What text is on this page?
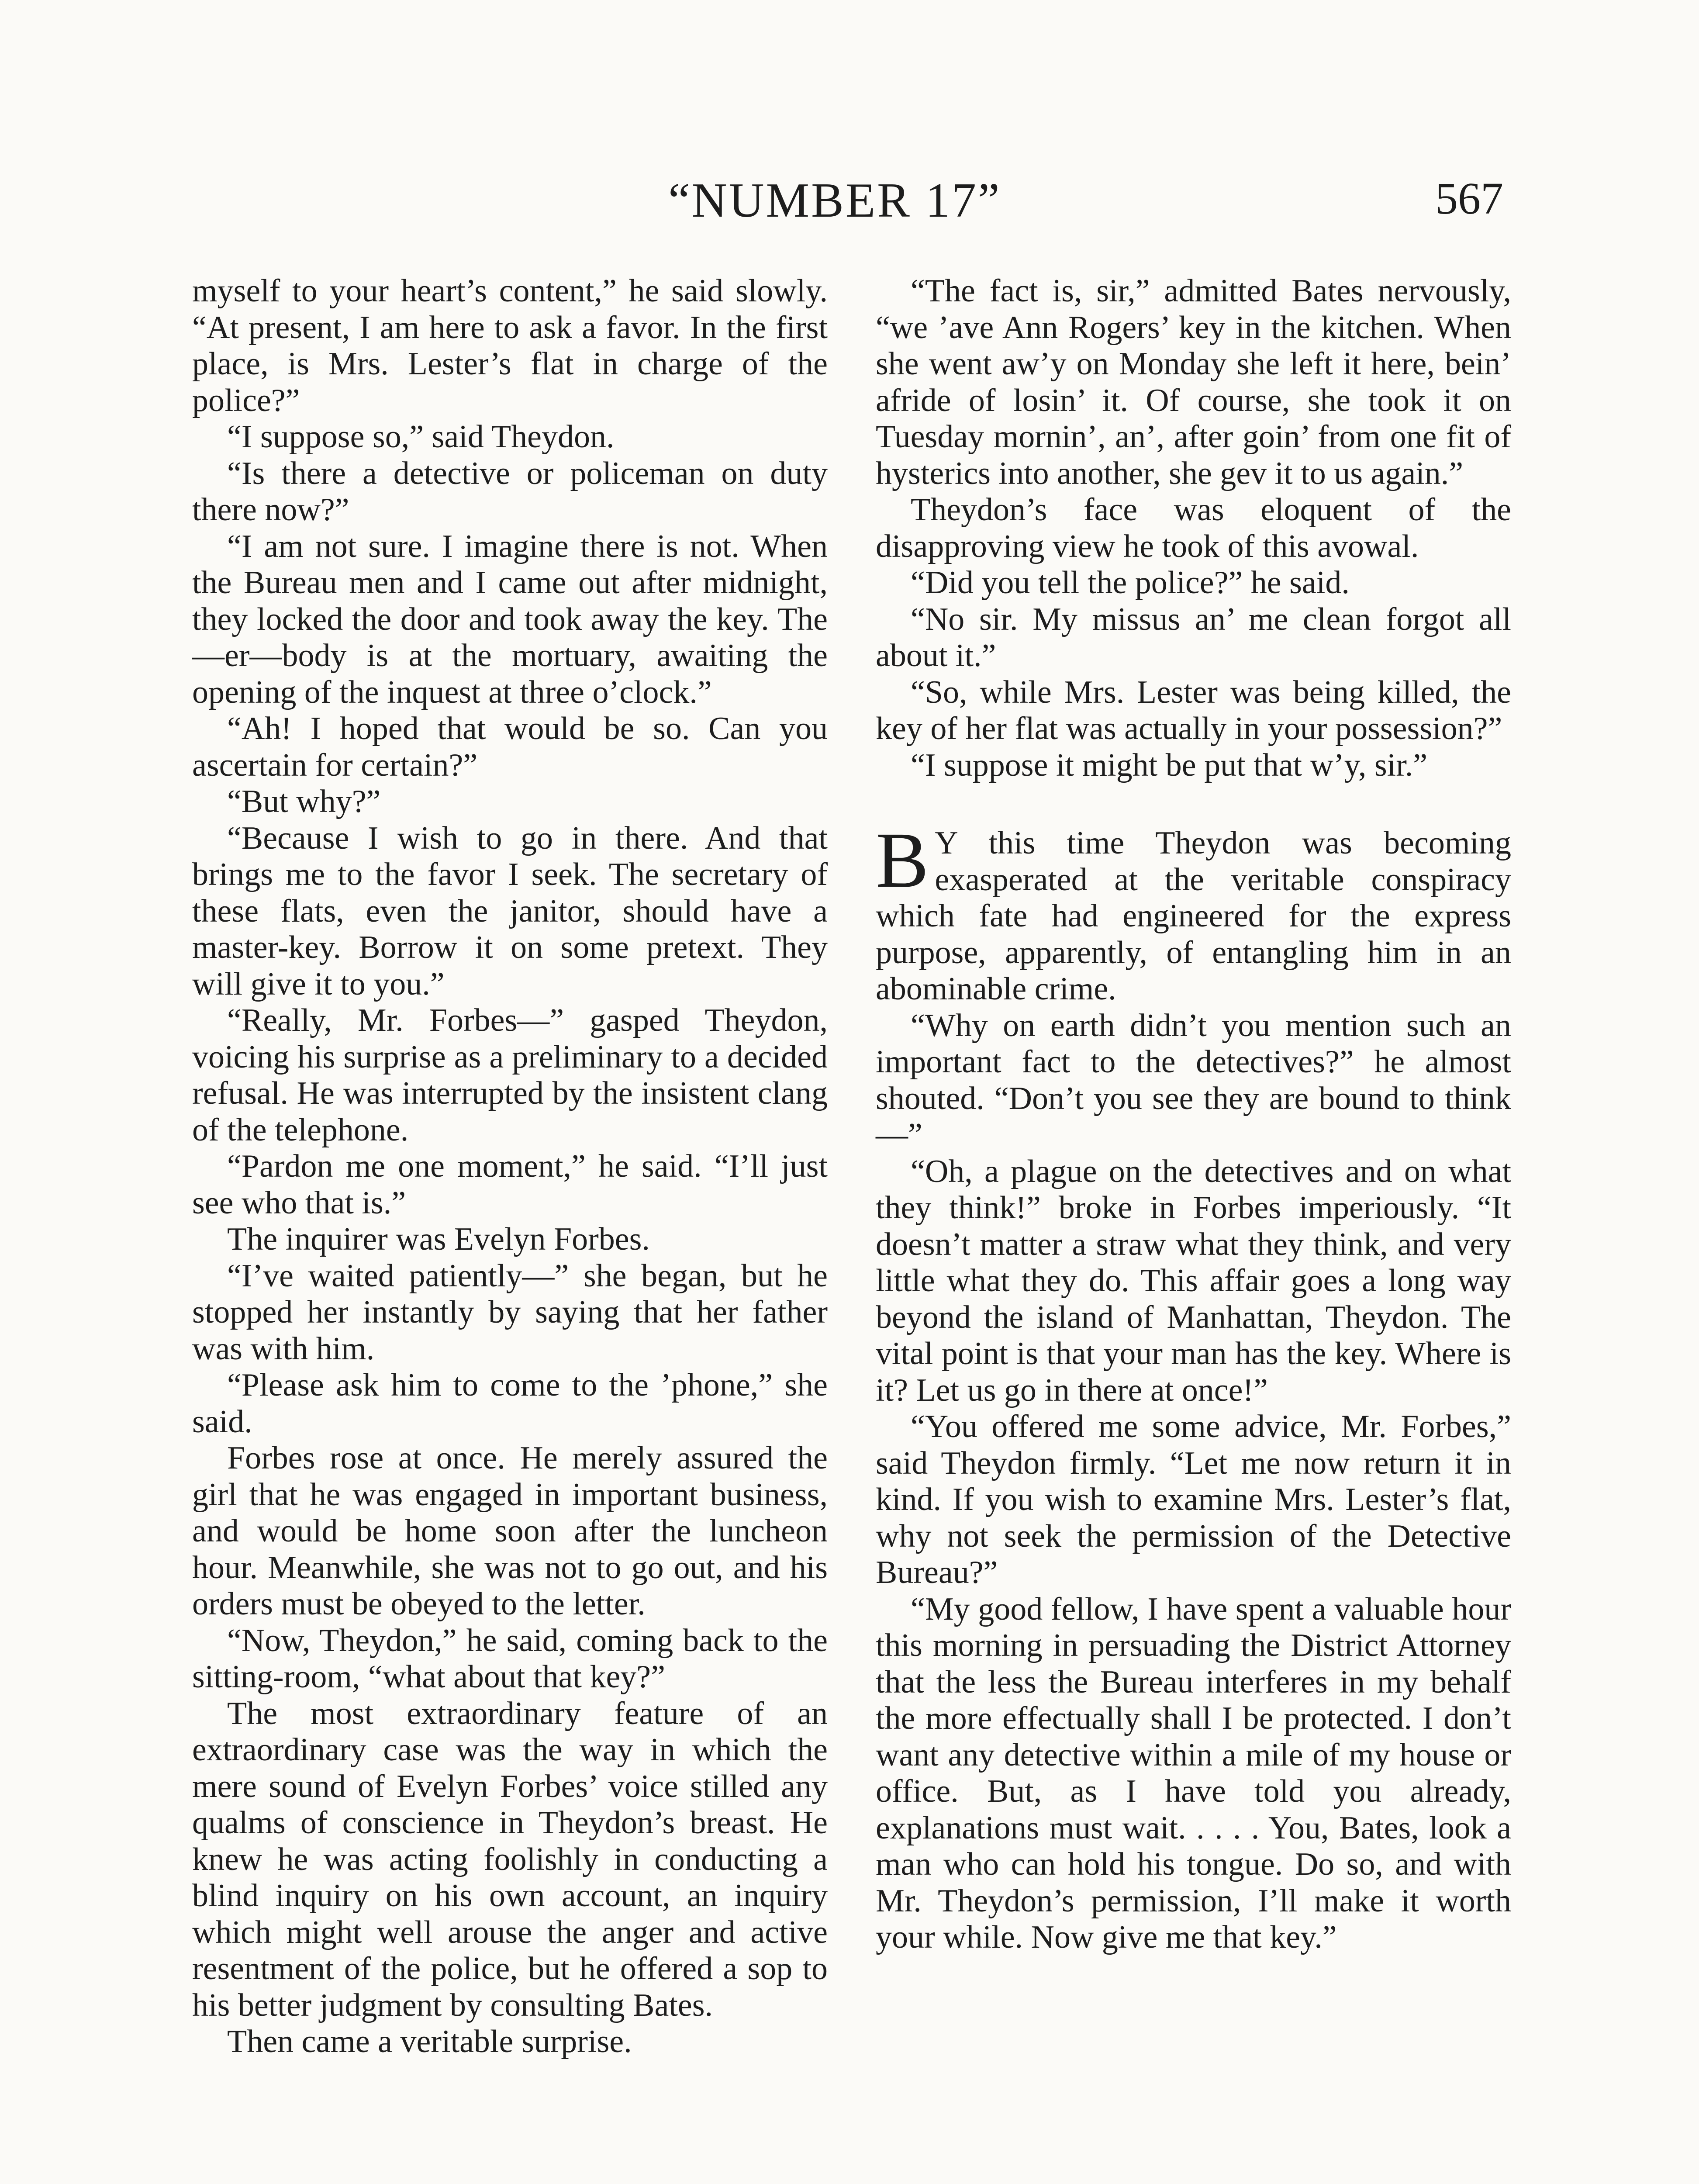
“NUMBER 17”	567

myself to your heart’s content,” he said slowly. “At present, I am here to ask a favor. In the first place, is Mrs. Lester’s flat in charge of the police?”

“I suppose so,” said Theydon.

“Is there a detective or policeman on duty there now?”

“I am not sure. I imagine there is not. When the Bureau men and I came out after midnight, they locked the door and took away the key. The —er—body is at the mortuary, awaiting the opening of the inquest at three o’clock.”

“Ah! I hoped that would be so. Can you ascertain for certain?”

“But why?”

“Because I wish to go in there. And that brings me to the favor I seek. The secretary of these flats, even the janitor, should have a master-key. Borrow it on some pretext. They will give it to you.”

“Really, Mr. Forbes—” gasped Theydon, voicing his surprise as a preliminary to a decided refusal. He was interrupted by the insistent clang of the telephone.

“Pardon me one moment,” he said. “I’ll just see who that is.”

The inquirer was Evelyn Forbes.

“I’ve waited patiently—” she began, but he stopped her instantly by saying that her father was with him.

“Please ask him to come to the ’phone,” she said.

Forbes rose at once. He merely assured the girl that he was engaged in important business, and would be home soon after the luncheon hour. Meanwhile, she was not to go out, and his orders must be obeyed to the letter.

“Now, Theydon,” he said, coming back to the sitting-room, “what about that key?”

The most extraordinary feature of an extraordinary case was the way in which the mere sound of Evelyn Forbes’ voice stilled any qualms of conscience in Theydon’s breast. He knew he was acting foolishly in conducting a blind inquiry on his own account, an inquiry which might well arouse the anger and active resentment of the police, but he offered a sop to his better judgment by consulting Bates.

Then came a veritable surprise.

“The fact is, sir,” admitted Bates nervously, “we ’ave Ann Rogers’ key in the kitchen. When she went aw’y on Monday she left it here, bein’ afride of losin’ it. Of course, she took it on Tuesday mornin’, an’, after goin’ from one fit of hysterics into another, she gev it to us again.”

Theydon’s face was eloquent of the disapproving view he took of this avowal.

“Did you tell the police?” he said.

“No sir. My missus an’ me clean forgot all about it.”

“So, while Mrs. Lester was being killed, the key of her flat was actually in your possession?”

“I suppose it might be put that w’y, sir.”

B Y this time Theydon was becoming exasperated at the veritable conspiracy which fate had engineered for the express purpose, apparently, of entangling him in an abominable crime.

“Why on earth didn’t you mention such an important fact to the detectives?” he almost shouted. “Don’t you see they are bound to think—”

“Oh, a plague on the detectives and on what they think!” broke in Forbes imperiously. “It doesn’t matter a straw what they think, and very little what they do. This affair goes a long way beyond the island of Manhattan, Theydon. The vital point is that your man has the key. Where is it? Let us go in there at once!”

“You offered me some advice, Mr. Forbes,” said Theydon firmly. “Let me now return it in kind. If you wish to examine Mrs. Lester’s flat, why not seek the permission of the Detective Bureau?”

“My good fellow, I have spent a valuable hour this morning in persuading the District Attorney that the less the Bureau interferes in my behalf the more effectually shall I be protected. I don’t want any detective within a mile of my house or office. But, as I have told you already, explanations must wait. . . . . You, Bates, look a man who can hold his tongue. Do so, and with Mr. Theydon’s permission, I’ll make it worth your while. Now give me that key.”
